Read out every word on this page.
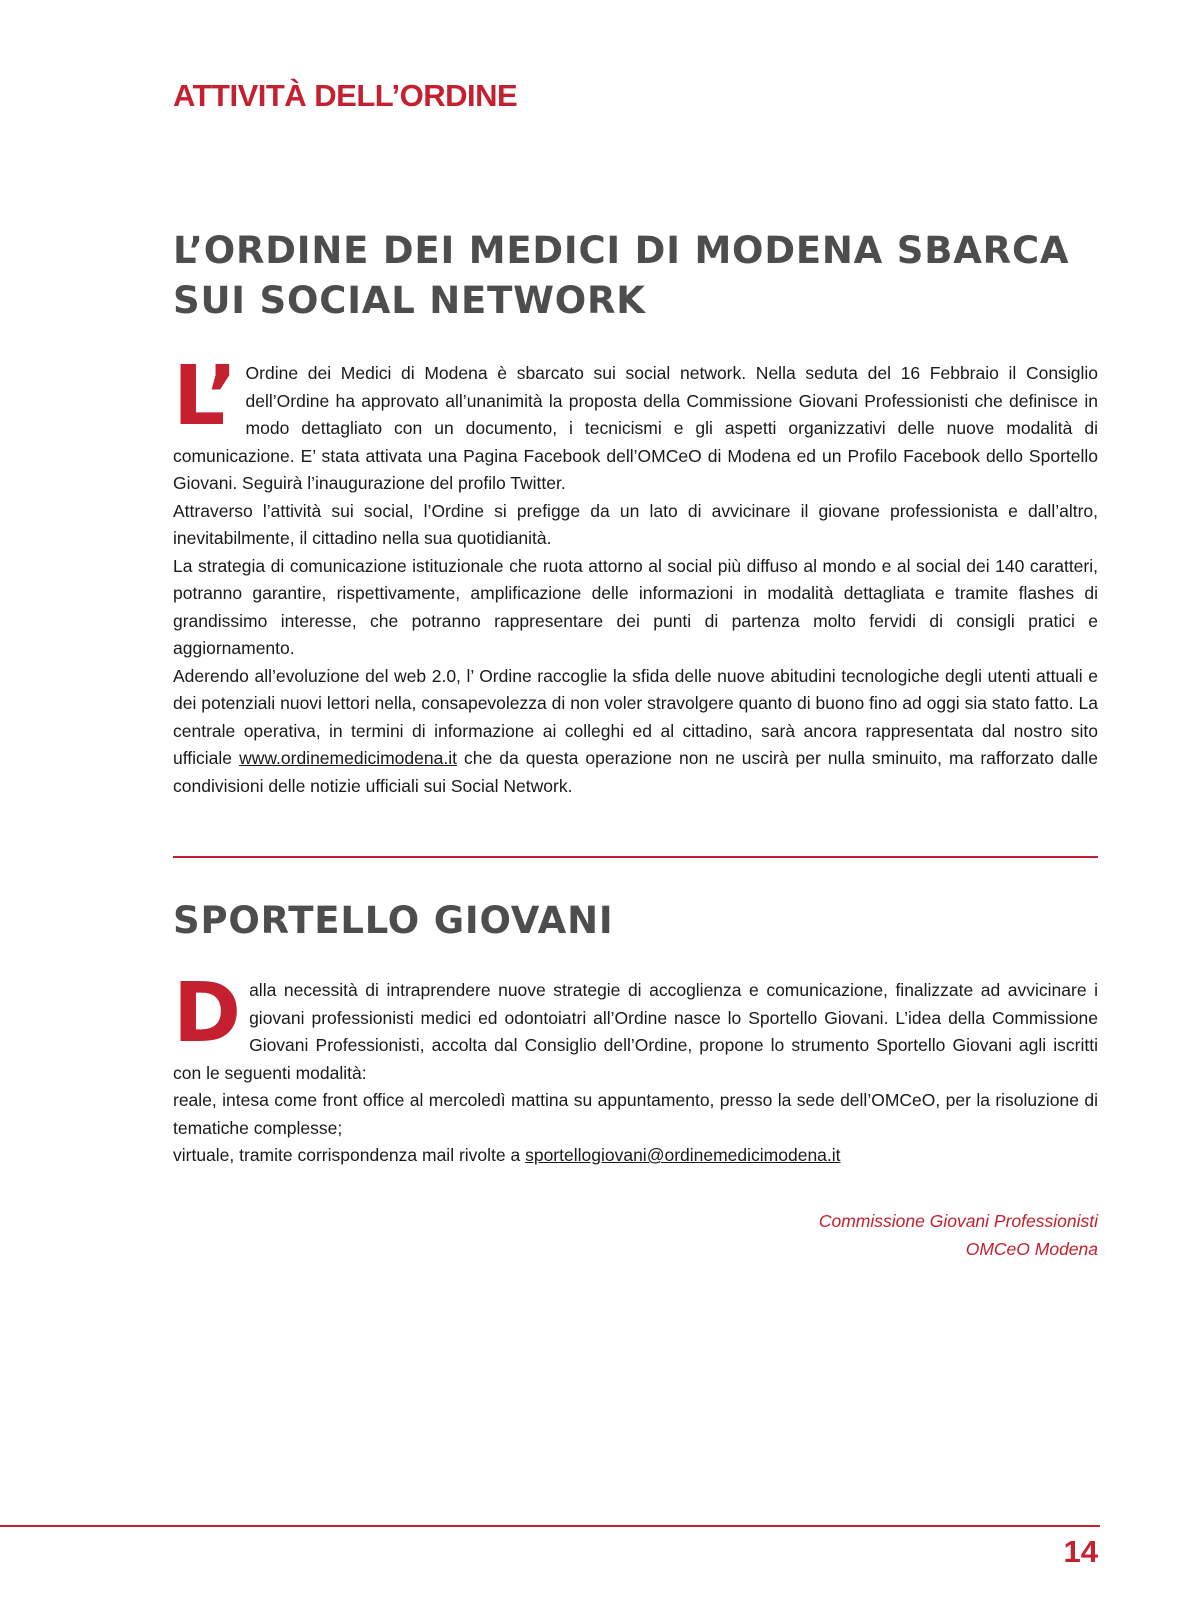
ATTIVITÀ DELL’ORDINE
L’ORDINE DEI MEDICI DI MODENA SBARCA SUI SOCIAL NETWORK

L’ Ordine dei Medici di Modena è sbarcato sui social network. Nella seduta del 16 Febbraio il Consiglio dell’Ordine ha approvato all’unanimità la proposta della Commissione Giovani Professionisti che definisce in modo dettagliato con un documento, i tecnicismi e gli aspetti organizzativi delle nuove modalità di comunicazione. E’ stata attivata una Pagina Facebook dell’OMCeO di Modena ed un Profilo Facebook dello Sportello Giovani. Seguirà l’inaugurazione del profilo Twitter.

Attraverso l’attività sui social, l’Ordine si prefigge da un lato di avvicinare il giovane professionista e dall’altro, inevitabilmente, il cittadino nella sua quotidianità.

La strategia di comunicazione istituzionale che ruota attorno al social più diffuso al mondo e al social dei 140 caratteri, potranno garantire, rispettivamente, amplificazione delle informazioni in modalità dettagliata e tramite flashes di grandissimo interesse, che potranno rappresentare dei punti di partenza molto fervidi di consigli pratici e aggiornamento.

Aderendo all’evoluzione del web 2.0, l’ Ordine raccoglie la sfida delle nuove abitudini tecnologiche degli utenti attuali e dei potenziali nuovi lettori nella, consapevolezza di non voler stravolgere quanto di buono fino ad oggi sia stato fatto. La centrale operativa, in termini di informazione ai colleghi ed al cittadino, sarà ancora rappresentata dal nostro sito ufficiale www.ordinemedicimodena.it che da questa operazione non ne uscirà per nulla sminuito, ma rafforzato dalle condivisioni delle notizie ufficiali sui Social Network.

SPORTELLO GIOVANI

Dalla necessità di intraprendere nuove strategie di accoglienza e comunicazione, finalizzate ad avvicinare i giovani professionisti medici ed odontoiatri all’Ordine nasce lo Sportello Giovani. L’idea della Commissione Giovani Professionisti, accolta dal Consiglio dell’Ordine, propone lo strumento Sportello Giovani agli iscritti con le seguenti modalità:

reale, intesa come front office al mercoledì mattina su appuntamento, presso la sede dell’OMCeO, per la risoluzione di tematiche complesse;

virtuale, tramite corrispondenza mail rivolte a sportellogiovani@ordinemedicimodena.it

Commissione Giovani Professionisti
OMCeO Modena

14
